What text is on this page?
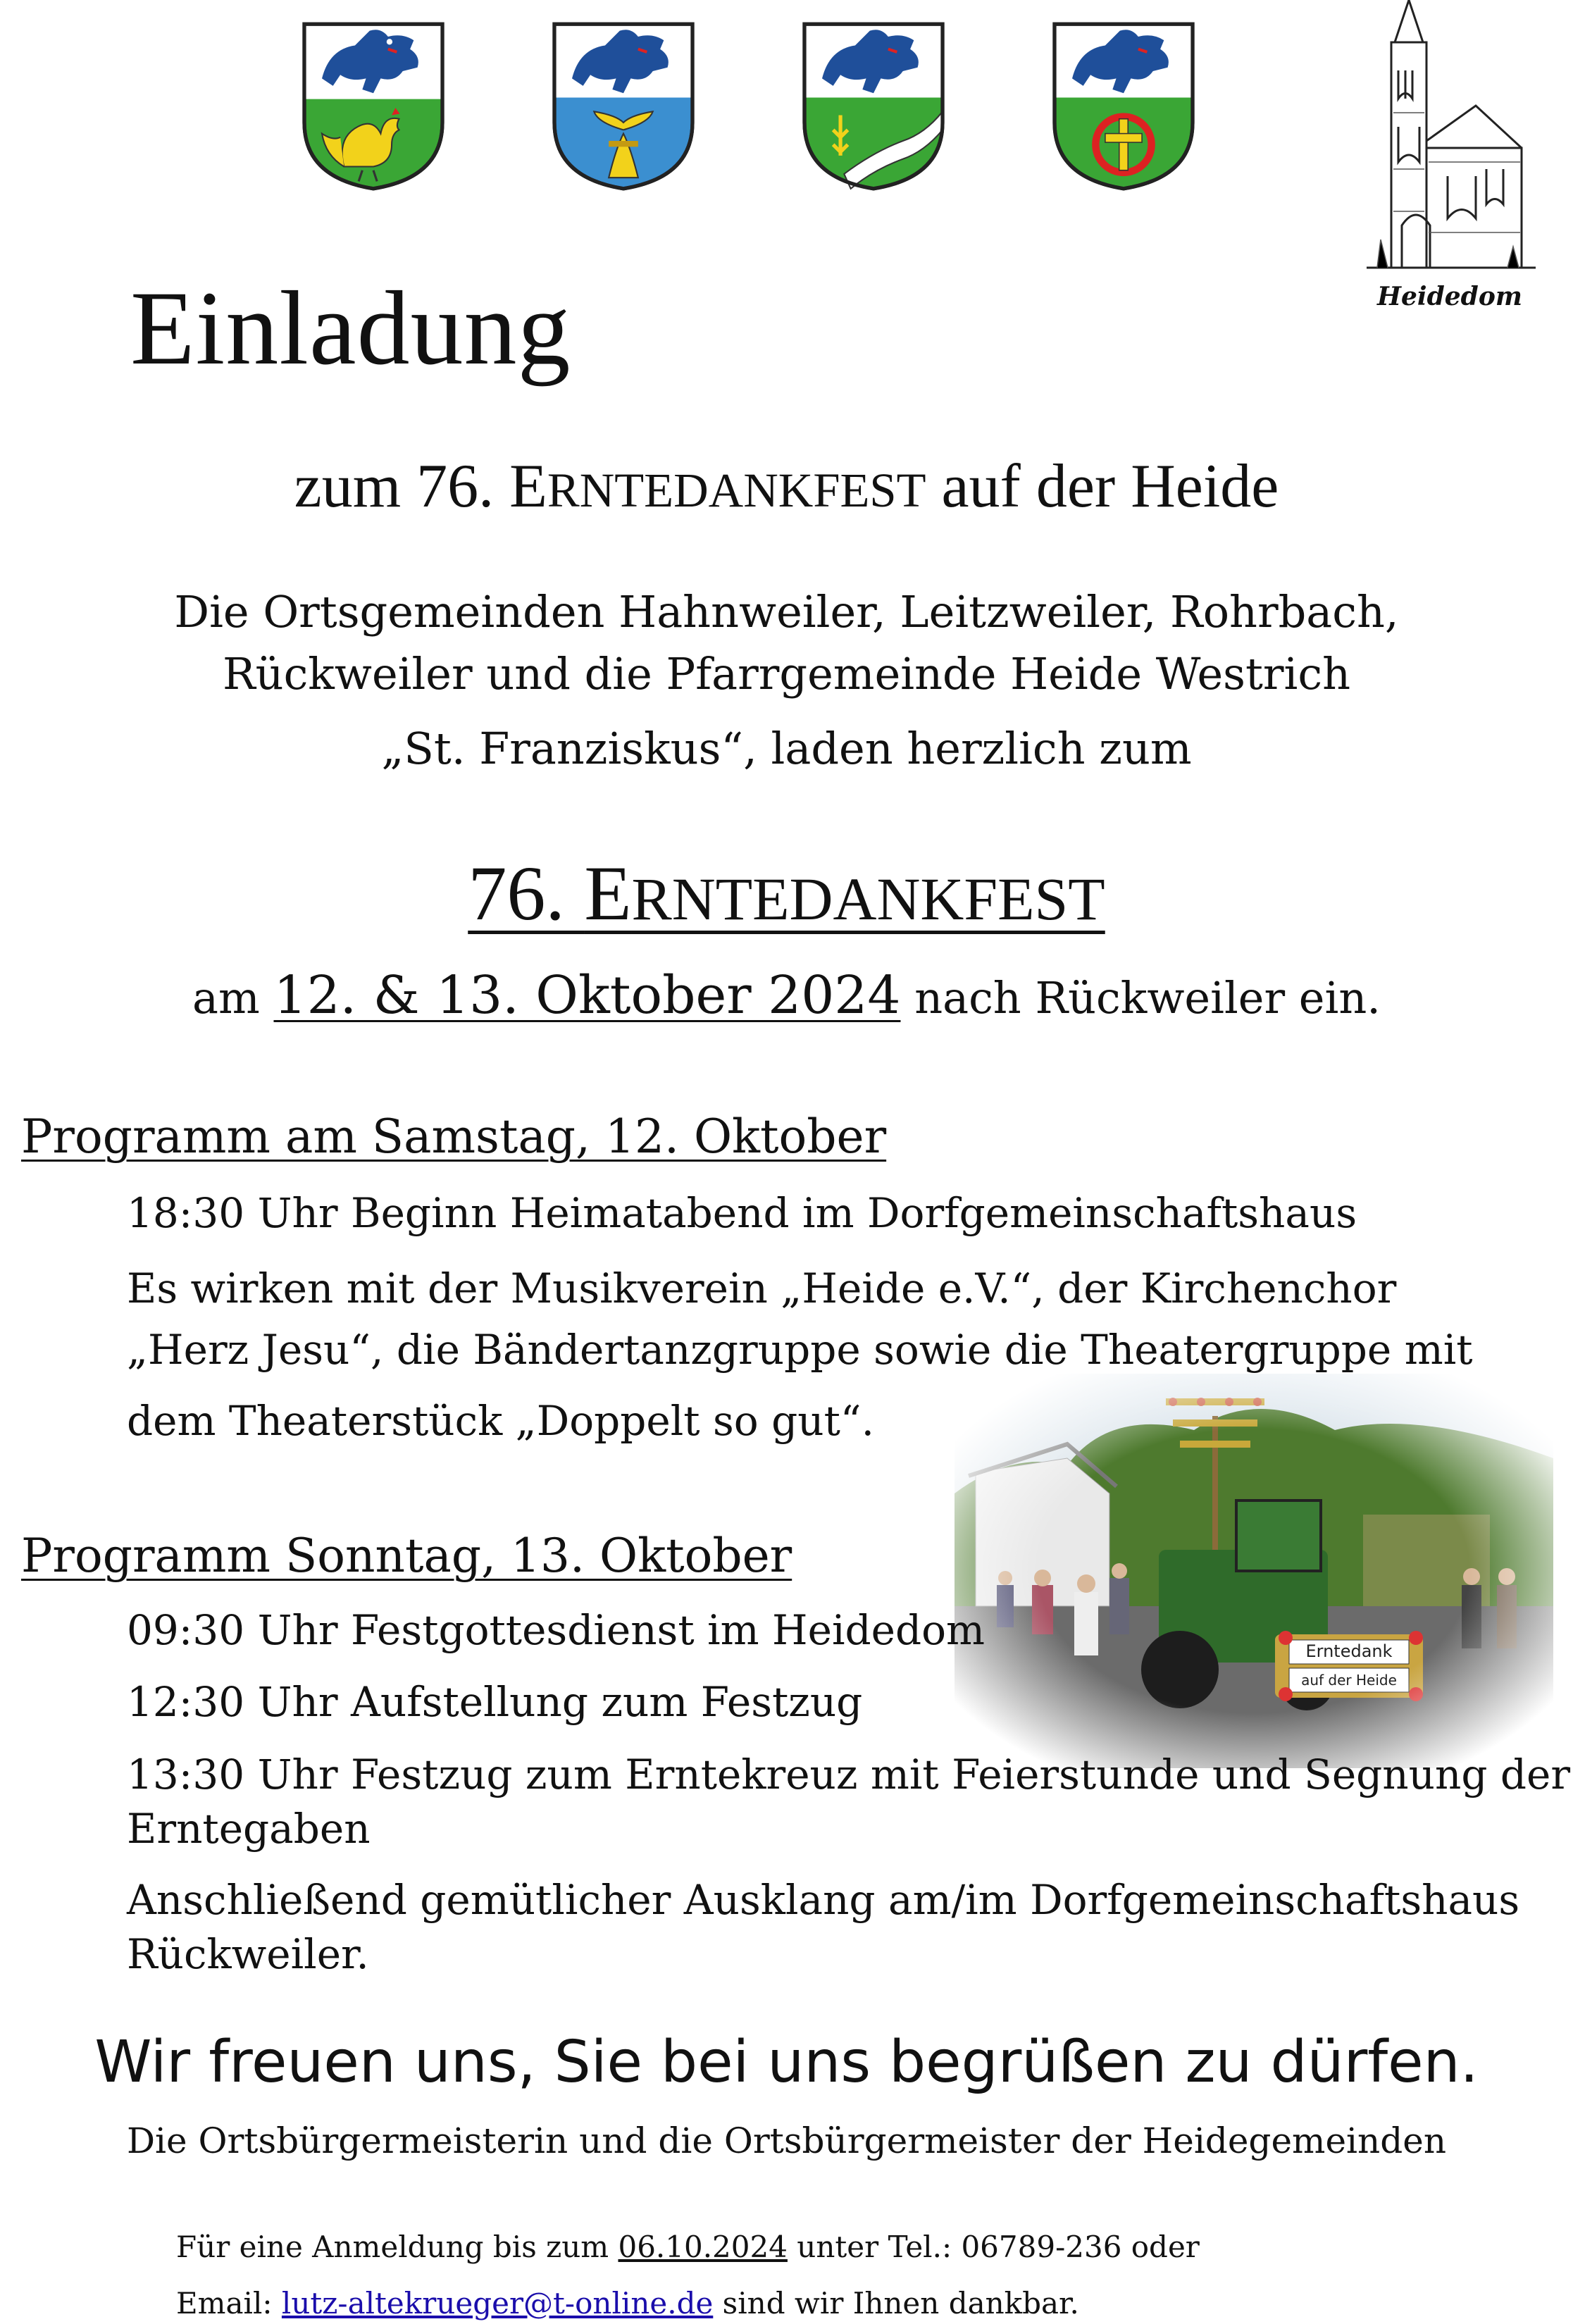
Heidedom
Einladung
zum 76. ERNTEDANKFEST auf der Heide

Die Ortsgemeinden Hahnweiler, Leitzweiler, Rohrbach,

Rückweiler und die Pfarrgemeinde Heide Westrich

„St. Franziskus“, laden herzlich zum

76. ERNTEDANKFEST
am 12. & 13. Oktober 2024 nach Rückweiler ein.
Programm am Samstag, 12. Oktober
18:30 Uhr Beginn Heimatabend im Dorfgemeinschaftshaus
Es wirken mit der Musikverein „Heide e.V.“, der Kirchenchor
„Herz Jesu“, die Bändertanzgruppe sowie die Theatergruppe mit
dem Theaterstück „Doppelt so gut“.
Programm Sonntag, 13. Oktober
09:30 Uhr Festgottesdienst im Heidedom
12:30 Uhr Aufstellung zum Festzug
13:30 Uhr Festzug zum Erntekreuz mit Feierstunde und Segnung der
Erntegaben
Anschließend gemütlicher Ausklang am/im Dorfgemeinschaftshaus
Rückweiler.
Wir freuen uns, Sie bei uns begrüßen zu dürfen.
Die Ortsbürgermeisterin und die Ortsbürgermeister der Heidegemeinden
Für eine Anmeldung bis zum 06.10.2024 unter Tel.: 06789-236 oder
Email: lutz-altekrueger@t-online.de sind wir Ihnen dankbar.
